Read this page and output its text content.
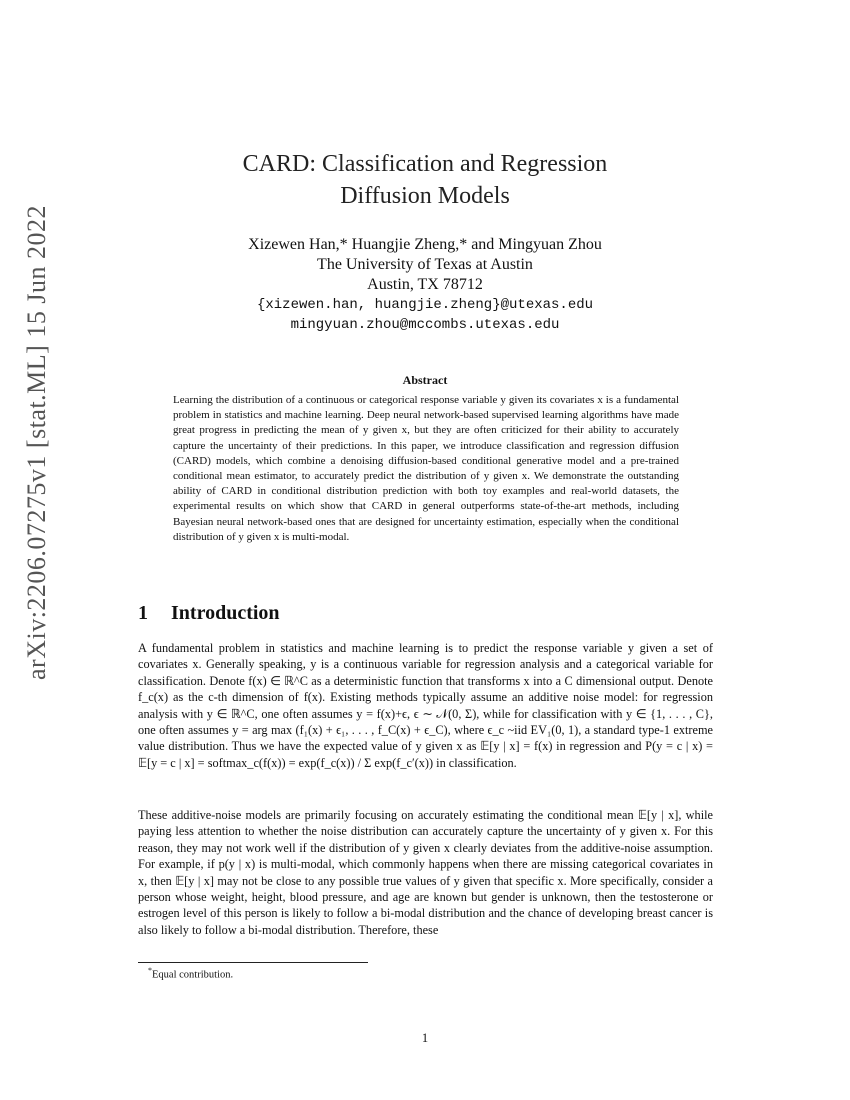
arXiv:2206.07275v1 [stat.ML] 15 Jun 2022
CARD: Classification and Regression
Diffusion Models
Xizewen Han,* Huangjie Zheng,* and Mingyuan Zhou
The University of Texas at Austin
Austin, TX 78712
{xizewen.han, huangjie.zheng}@utexas.edu
mingyuan.zhou@mccombs.utexas.edu
Abstract
Learning the distribution of a continuous or categorical response variable y given its covariates x is a fundamental problem in statistics and machine learning. Deep neural network-based supervised learning algorithms have made great progress in predicting the mean of y given x, but they are often criticized for their ability to accurately capture the uncertainty of their predictions. In this paper, we introduce classification and regression diffusion (CARD) models, which combine a denoising diffusion-based conditional generative model and a pre-trained conditional mean estimator, to accurately predict the distribution of y given x. We demonstrate the outstanding ability of CARD in conditional distribution prediction with both toy examples and real-world datasets, the experimental results on which show that CARD in general outperforms state-of-the-art methods, including Bayesian neural network-based ones that are designed for uncertainty estimation, especially when the conditional distribution of y given x is multi-modal.
1 Introduction
A fundamental problem in statistics and machine learning is to predict the response variable y given a set of covariates x. Generally speaking, y is a continuous variable for regression analysis and a categorical variable for classification. Denote f(x) ∈ ℝ^C as a deterministic function that transforms x into a C dimensional output. Denote f_c(x) as the c-th dimension of f(x). Existing methods typically assume an additive noise model: for regression analysis with y ∈ ℝ^C, one often assumes y = f(x)+ϵ, ϵ ∼ 𝒩(0, Σ), while for classification with y ∈ {1, . . . , C}, one often assumes y = arg max (f₁(x) + ϵ₁, . . . , f_C(x) + ϵ_C), where ϵ_c ~iid EV₁(0, 1), a standard type-1 extreme value distribution. Thus we have the expected value of y given x as 𝔼[y | x] = f(x) in regression and P(y = c | x) = 𝔼[y = c | x] = softmax_c(f(x)) = exp(f_c(x)) / Σ exp(f_c′(x)) in classification.
These additive-noise models are primarily focusing on accurately estimating the conditional mean 𝔼[y | x], while paying less attention to whether the noise distribution can accurately capture the uncertainty of y given x. For this reason, they may not work well if the distribution of y given x clearly deviates from the additive-noise assumption. For example, if p(y | x) is multi-modal, which commonly happens when there are missing categorical covariates in x, then 𝔼[y | x] may not be close to any possible true values of y given that specific x. More specifically, consider a person whose weight, height, blood pressure, and age are known but gender is unknown, then the testosterone or estrogen level of this person is likely to follow a bi-modal distribution and the chance of developing breast cancer is also likely to follow a bi-modal distribution. Therefore, these
*Equal contribution.
1
